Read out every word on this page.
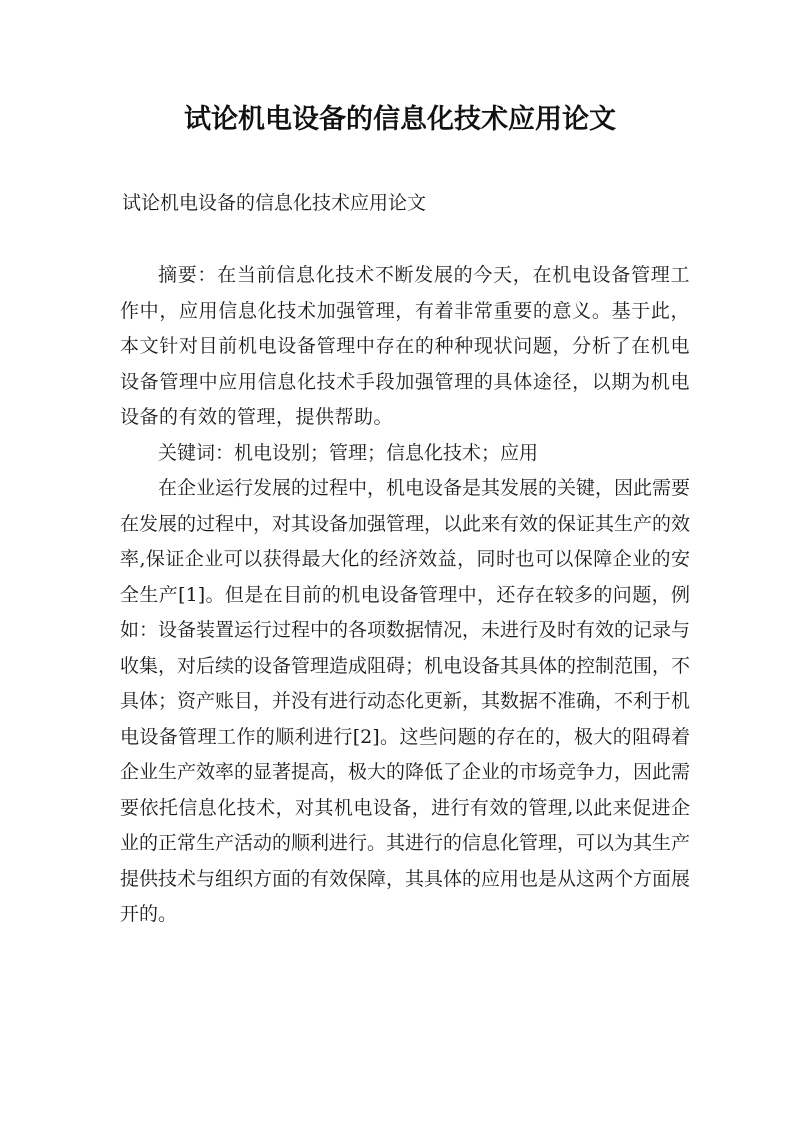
试论机电设备的信息化技术应用论文

试论机电设备的信息化技术应用论文

摘要：在当前信息化技术不断发展的今天，在机电设备管理工作中，应用信息化技术加强管理，有着非常重要的意义。基于此，本文针对目前机电设备管理中存在的种种现状问题，分析了在机电设备管理中应用信息化技术手段加强管理的具体途径，以期为机电设备的有效的管理，提供帮助。

关键词：机电设别；管理；信息化技术；应用

在企业运行发展的过程中，机电设备是其发展的关键，因此需要在发展的过程中，对其设备加强管理，以此来有效的保证其生产的效率,保证企业可以获得最大化的经济效益，同时也可以保障企业的安全生产[1]。但是在目前的机电设备管理中，还存在较多的问题，例如：设备装置运行过程中的各项数据情况，未进行及时有效的记录与收集，对后续的设备管理造成阻碍；机电设备其具体的控制范围，不具体；资产账目，并没有进行动态化更新，其数据不准确，不利于机电设备管理工作的顺利进行[2]。这些问题的存在的，极大的阻碍着企业生产效率的显著提高，极大的降低了企业的市场竞争力，因此需要依托信息化技术，对其机电设备，进行有效的管理,以此来促进企业的正常生产活动的顺利进行。其进行的信息化管理，可以为其生产提供技术与组织方面的有效保障，其具体的应用也是从这两个方面展开的。
